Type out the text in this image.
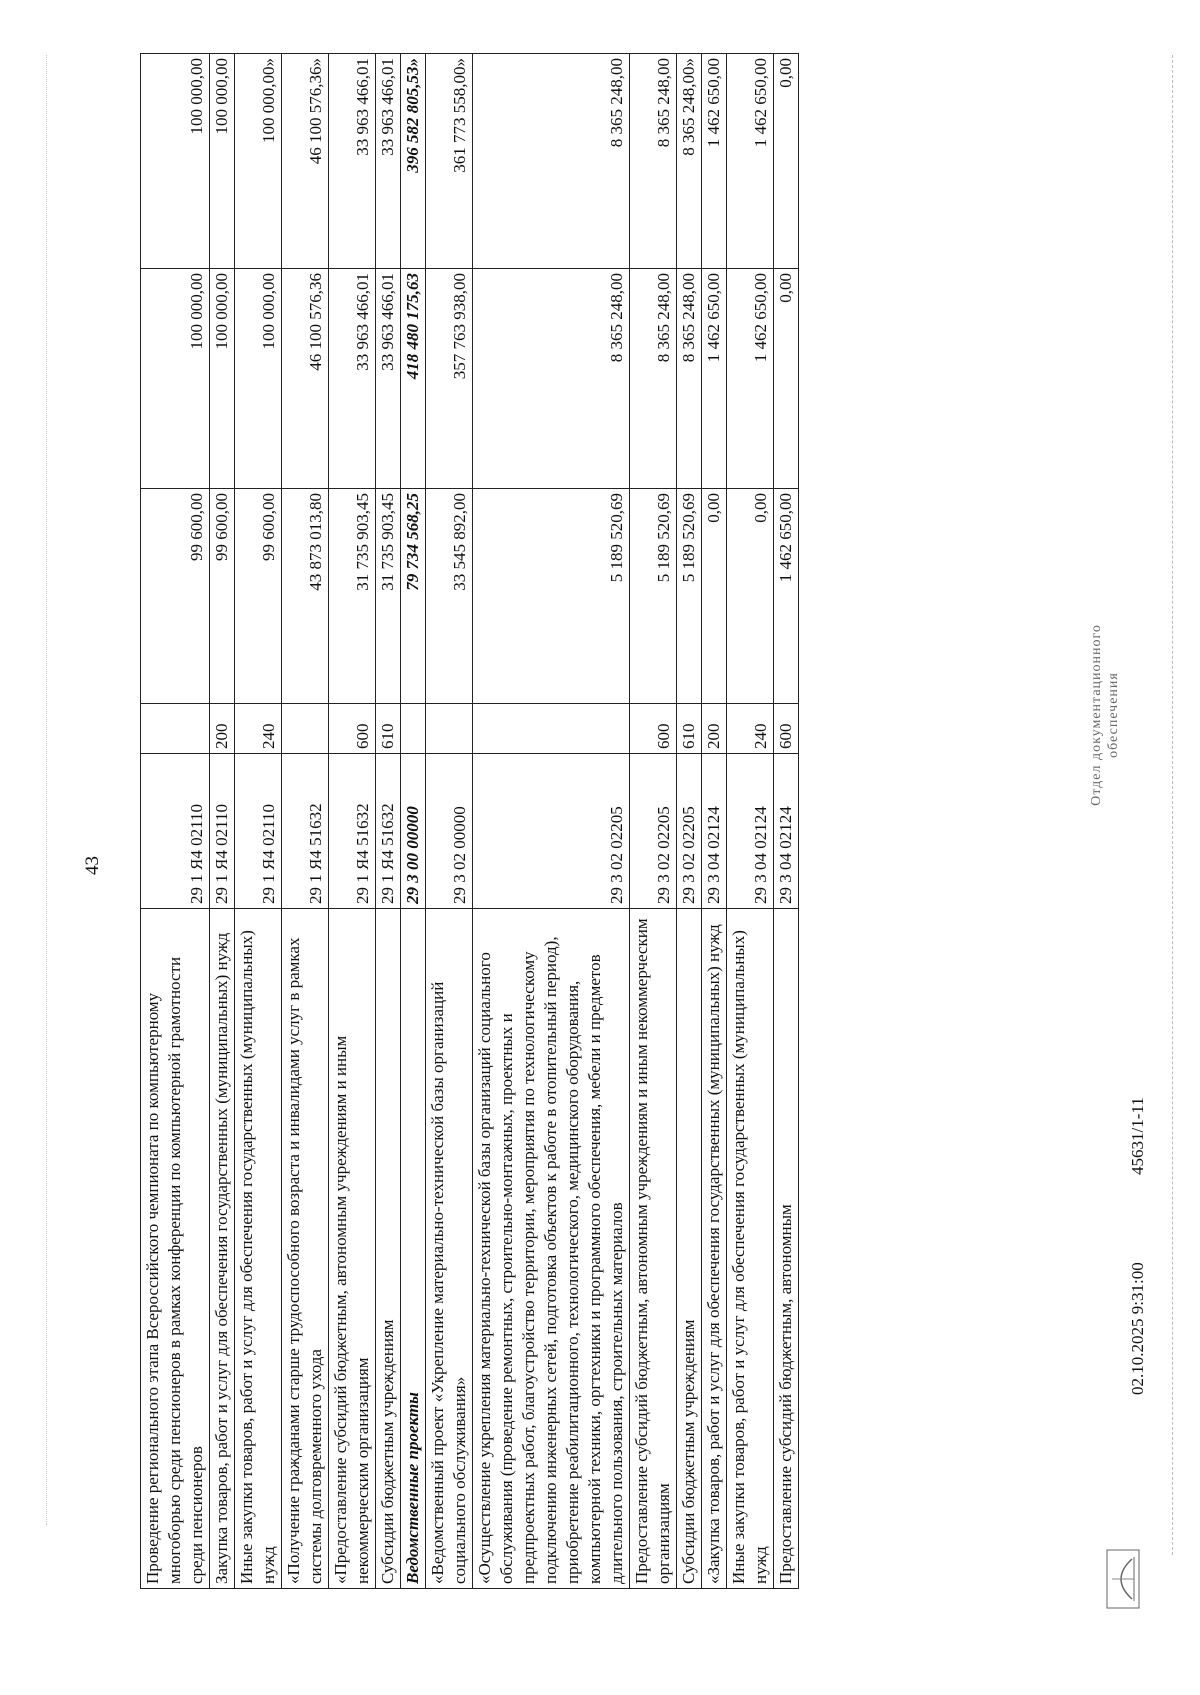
43
Проведение регионального этапа Всероссийского чемпионата по компьютерному многоборью среди пенсионеров в рамках конференции по компьютерной грамотности среди пенсионеров	29 1 Я4 02110		99 600,00	100 000,00	100 000,00
Закупка товаров, работ и услуг для обеспечения государственных (муниципальных) нужд	29 1 Я4 02110	200	99 600,00	100 000,00	100 000,00
Иные закупки товаров, работ и услуг для обеспечения государственных (муниципальных) нужд	29 1 Я4 02110	240	99 600,00	100 000,00	100 000,00»
«Получение гражданами старше трудоспособного возраста и инвалидами услуг в рамках системы долговременного ухода	29 1 Я4 51632		43 873 013,80	46 100 576,36	46 100 576,36»
«Предоставление субсидий бюджетным, автономным учреждениям и иным некоммерческим организациям	29 1 Я4 51632	600	31 735 903,45	33 963 466,01	33 963 466,01
Субсидии бюджетным учреждениям	29 1 Я4 51632	610	31 735 903,45	33 963 466,01	33 963 466,01
Ведомственные проекты	29 3 00 00000		79 734 568,25	418 480 175,63	396 582 805,53»
«Ведомственный проект «Укрепление материально-технической базы организаций социального обслуживания»	29 3 02 00000		33 545 892,00	357 763 938,00	361 773 558,00»
«Осуществление укрепления материально-технической базы организаций социального обслуживания (проведение ремонтных, строительно-монтажных, проектных и предпроектных работ, благоустройство территории, мероприятия по технологическому подключению инженерных сетей, подготовка объектов к работе в отопительный период), приобретение реабилитационного, технологического, медицинского оборудования, компьютерной техники, оргтехники и программного обеспечения, мебели и предметов длительного пользования, строительных материалов	29 3 02 02205		5 189 520,69	8 365 248,00	8 365 248,00
Предоставление субсидий бюджетным, автономным учреждениям и иным некоммерческим организациям	29 3 02 02205	600	5 189 520,69	8 365 248,00	8 365 248,00
Субсидии бюджетным учреждениям	29 3 02 02205	610	5 189 520,69	8 365 248,00	8 365 248,00»
«Закупка товаров, работ и услуг для обеспечения государственных (муниципальных) нужд	29 3 04 02124	200	0,00	1 462 650,00	1 462 650,00
Иные закупки товаров, работ и услуг для обеспечения государственных (муниципальных) нужд	29 3 04 02124	240	0,00	1 462 650,00	1 462 650,00
Предоставление субсидий бюджетным, автономным	29 3 04 02124	600	1 462 650,00	0,00	0,00
02.10.2025 9:31:00
45631/1-11
Отдел документационного обеспечения
